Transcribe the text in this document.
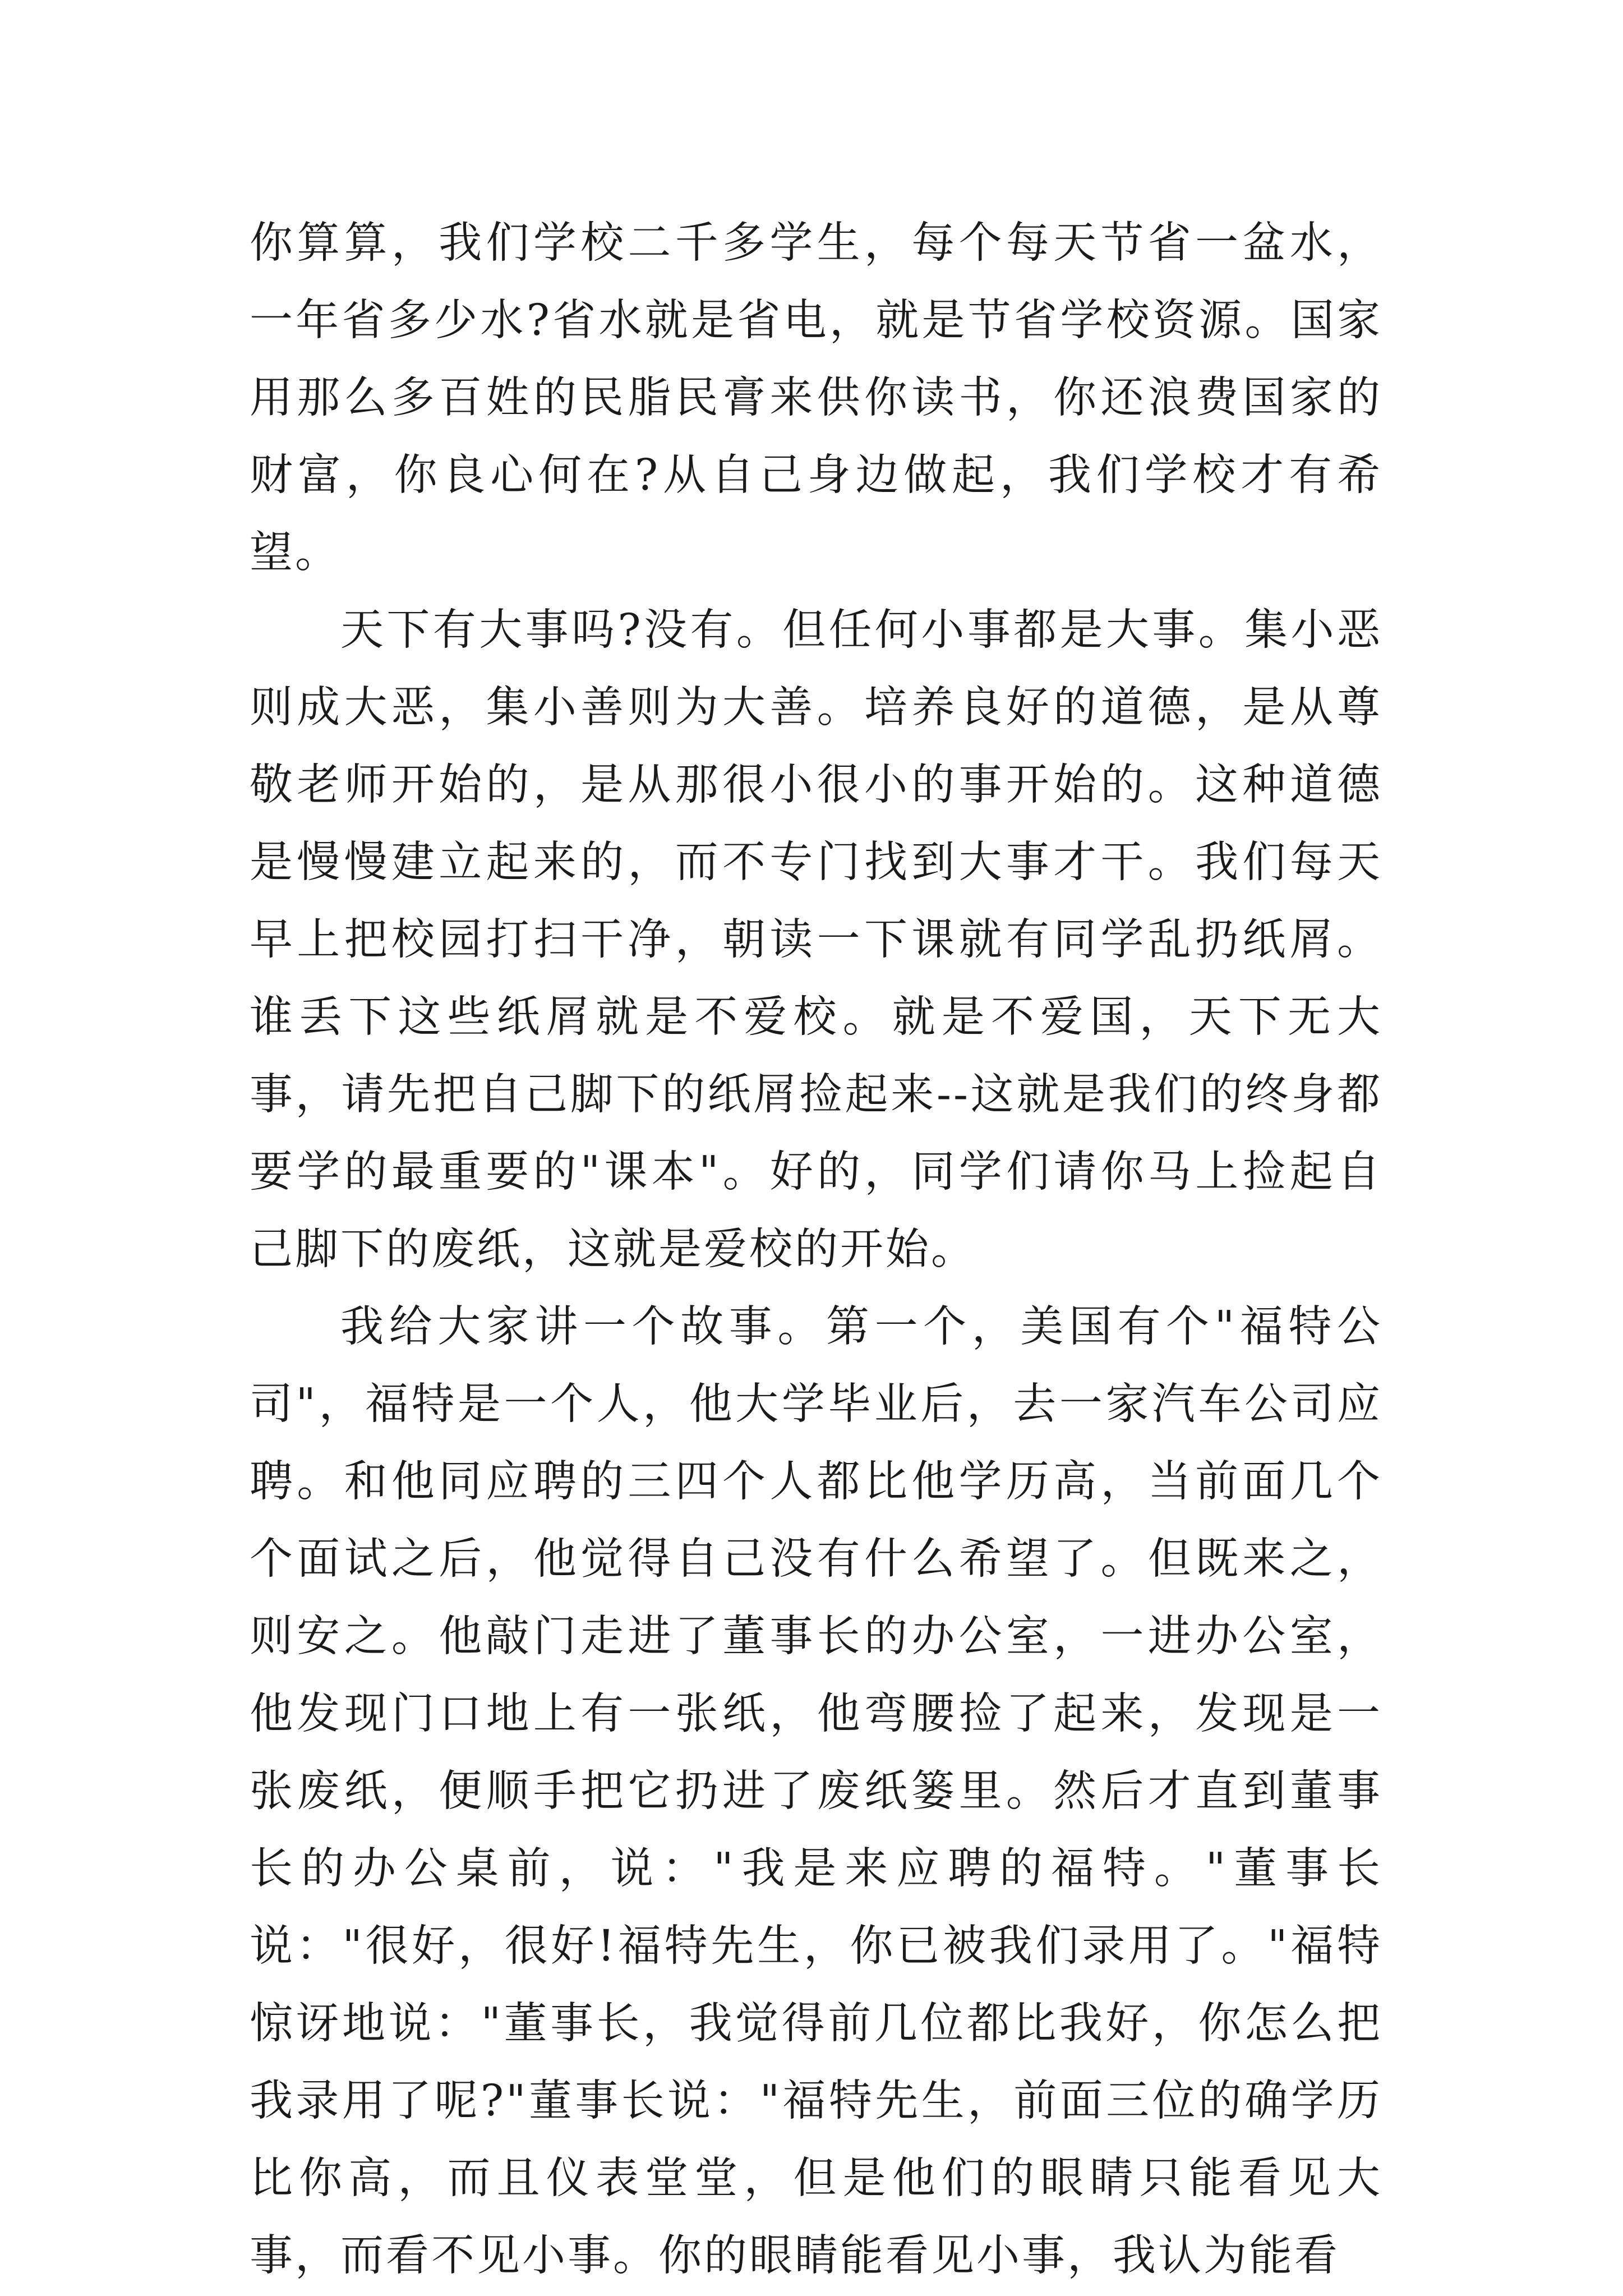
你算算，我们学校二千多学生，每个每天节省一盆水，一年省多少水?省水就是省电，就是节省学校资源。国家用那么多百姓的民脂民膏来供你读书，你还浪费国家的财富，你良心何在?从自己身边做起，我们学校才有希望。

天下有大事吗?没有。但任何小事都是大事。集小恶则成大恶，集小善则为大善。培养良好的道德，是从尊敬老师开始的，是从那很小很小的事开始的。这种道德是慢慢建立起来的，而不专门找到大事才干。我们每天早上把校园打扫干净，朝读一下课就有同学乱扔纸屑。谁丢下这些纸屑就是不爱校。就是不爱国，天下无大事，请先把自己脚下的纸屑捡起来--这就是我们的终身都要学的最重要的"课本"。好的，同学们请你马上捡起自己脚下的废纸，这就是爱校的开始。

我给大家讲一个故事。第一个，美国有个"福特公司"，福特是一个人，他大学毕业后，去一家汽车公司应聘。和他同应聘的三四个人都比他学历高，当前面几个个面试之后，他觉得自己没有什么希望了。但既来之，则安之。他敲门走进了董事长的办公室，一进办公室，他发现门口地上有一张纸，他弯腰捡了起来，发现是一张废纸，便顺手把它扔进了废纸篓里。然后才直到董事长的办公桌前，说："我是来应聘的福特。"董事长说："很好，很好!福特先生，你已被我们录用了。"福特惊讶地说："董事长，我觉得前几位都比我好，你怎么把我录用了呢?"董事长说："福特先生，前面三位的确学历比你高，而且仪表堂堂，但是他们的眼睛只能看见大事，而看不见小事。你的眼睛能看见小事，我认为能看
